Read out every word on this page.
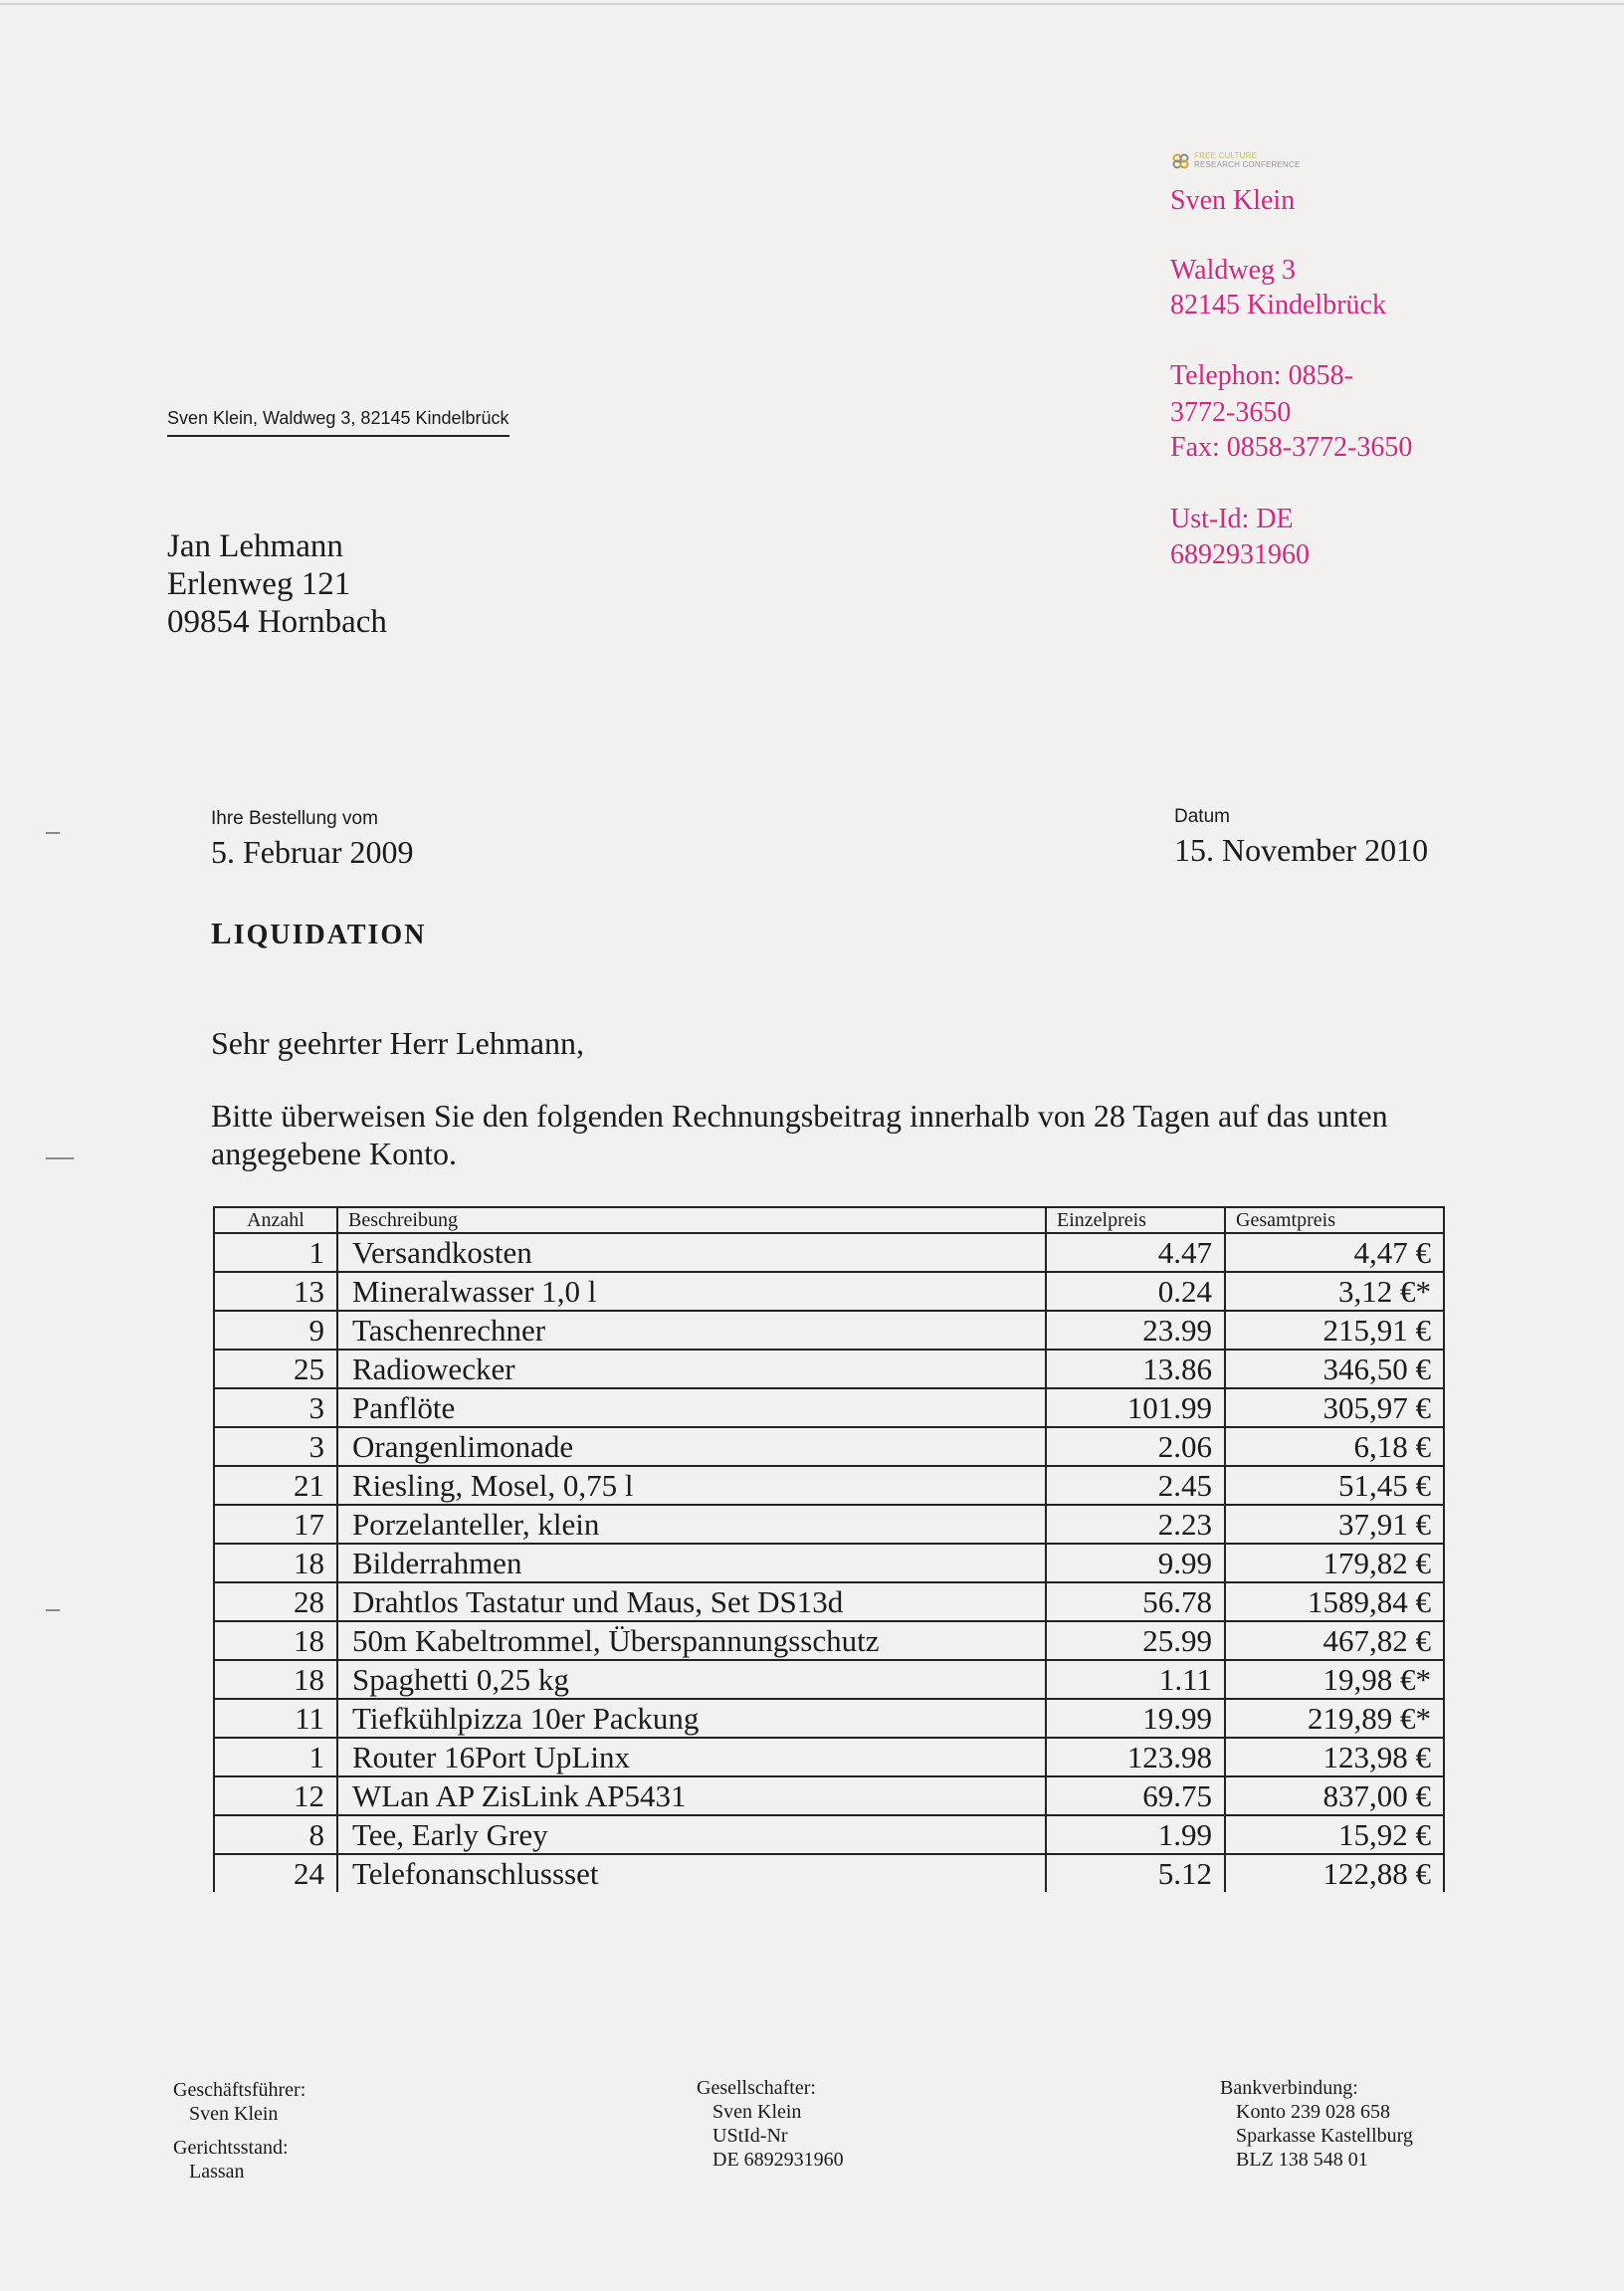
FREE CULTURE
RESEARCH CONFERENCE
Sven Klein
Waldweg 3
82145 Kindelbrück
Telephon: 0858-
3772-3650
Fax: 0858-3772-3650
Ust-Id: DE
6892931960
Sven Klein, Waldweg 3, 82145 Kindelbrück
Jan Lehmann
Erlenweg 121
09854 Hornbach
Ihre Bestellung vom
5. Februar 2009
Datum
15. November 2010
LIQUIDATION
Sehr geehrter Herr Lehmann,
Bitte überweisen Sie den folgenden Rechnungsbeitrag innerhalb von 28 Tagen auf das unten angegebene Konto.
Anzahl	Beschreibung	Einzelpreis	Gesamtpreis
1	Versandkosten	4.47	4,47 €
13	Mineralwasser 1,0 l	0.24	3,12 €*
9	Taschenrechner	23.99	215,91 €
25	Radiowecker	13.86	346,50 €
3	Panflöte	101.99	305,97 €
3	Orangenlimonade	2.06	6,18 €
21	Riesling, Mosel, 0,75 l	2.45	51,45 €
17	Porzelanteller, klein	2.23	37,91 €
18	Bilderrahmen	9.99	179,82 €
28	Drahtlos Tastatur und Maus, Set DS13d	56.78	1589,84 €
18	50m Kabeltrommel, Überspannungsschutz	25.99	467,82 €
18	Spaghetti 0,25 kg	1.11	19,98 €*
11	Tiefkühlpizza 10er Packung	19.99	219,89 €*
1	Router 16Port UpLinx	123.98	123,98 €
12	WLan AP ZisLink AP5431	69.75	837,00 €
8	Tee, Early Grey	1.99	15,92 €
24	Telefonanschlussset	5.12	122,88 €
Geschäftsführer:
Sven Klein
Gerichtsstand:
Lassan
Gesellschafter:
Sven Klein
UStId-Nr
DE 6892931960
Bankverbindung:
Konto 239 028 658
Sparkasse Kastellburg
BLZ 138 548 01
